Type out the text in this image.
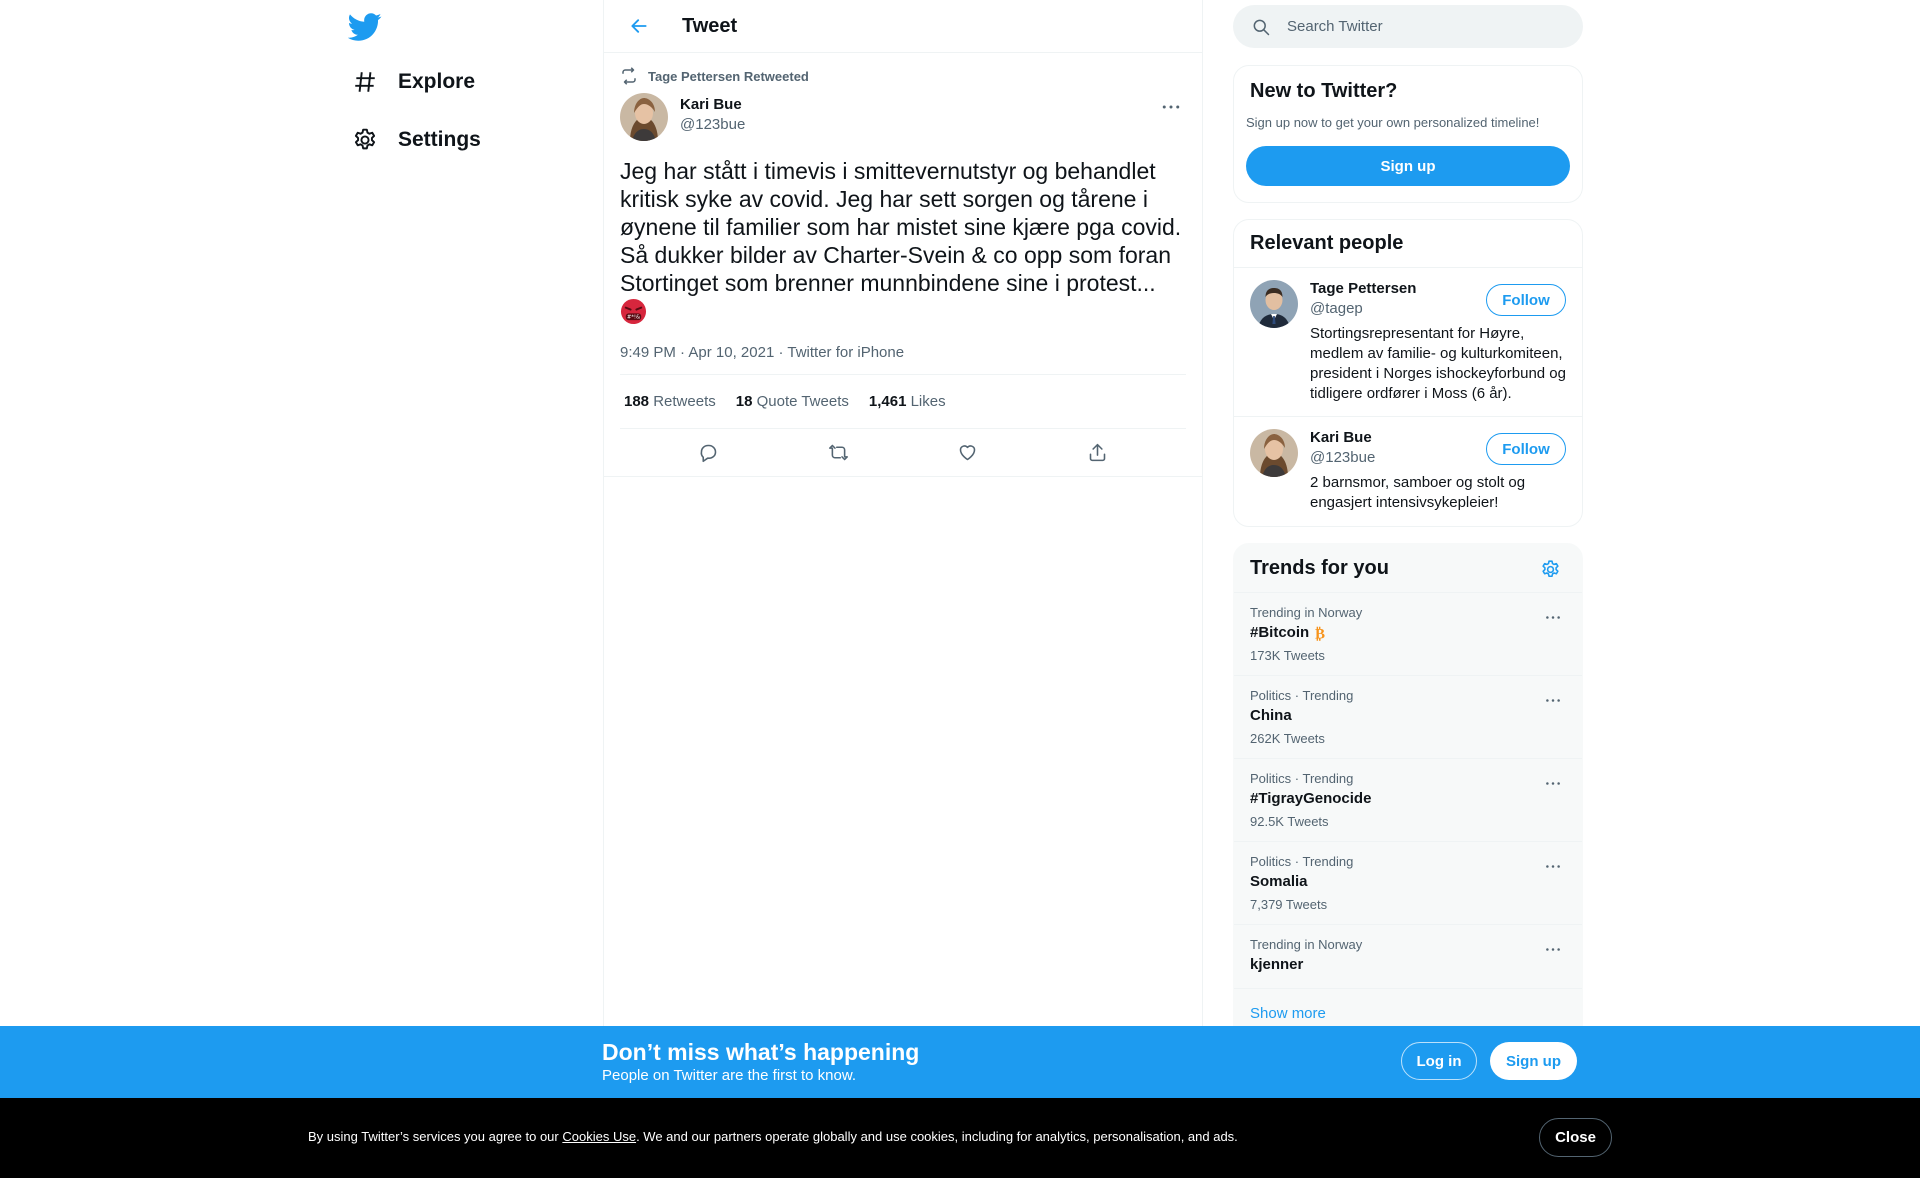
Explore
Settings
Tweet
Tage Pettersen Retweeted
Kari Bue
@123bue
Jeg har stått i timevis i smittevernutstyr og behandlet kritisk syke av covid. Jeg har sett sorgen og tårene i øynene til familier som har mistet sine kjære pga covid. Så dukker bilder av Charter-Svein & co opp som foran Stortinget som brenner munnbindene sine i protest...

#*!&
9:49 PM · Apr 10, 2021 · Twitter for iPhone
188 Retweets 18 Quote Tweets 1,461 Likes
Search Twitter
New to Twitter?

Sign up now to get your own personalized timeline!

Sign up
Relevant people
Tage Pettersen
@tagep

Stortingsrepresentant for Høyre, medlem av familie- og kulturkomiteen, president i Norges ishockeyforbund og tidligere ordfører i Moss (6 år).

Follow
Kari Bue
@123bue

2 barnsmor, samboer og stolt og engasjert intensivsykepleier!

Follow
Trends for you
Trending in Norway
#Bitcoin ₿
173K Tweets
Politics · Trending
China
262K Tweets
Politics · Trending
#TigrayGenocide
92.5K Tweets
Politics · Trending
Somalia
7,379 Tweets
Trending in Norway
kjenner
Show more
Don’t miss what’s happening
People on Twitter are the first to know.
Log in	Sign up

By using Twitter’s services you agree to our Cookies Use. We and our partners operate globally and use cookies, including for analytics, personalisation, and ads.	Close
